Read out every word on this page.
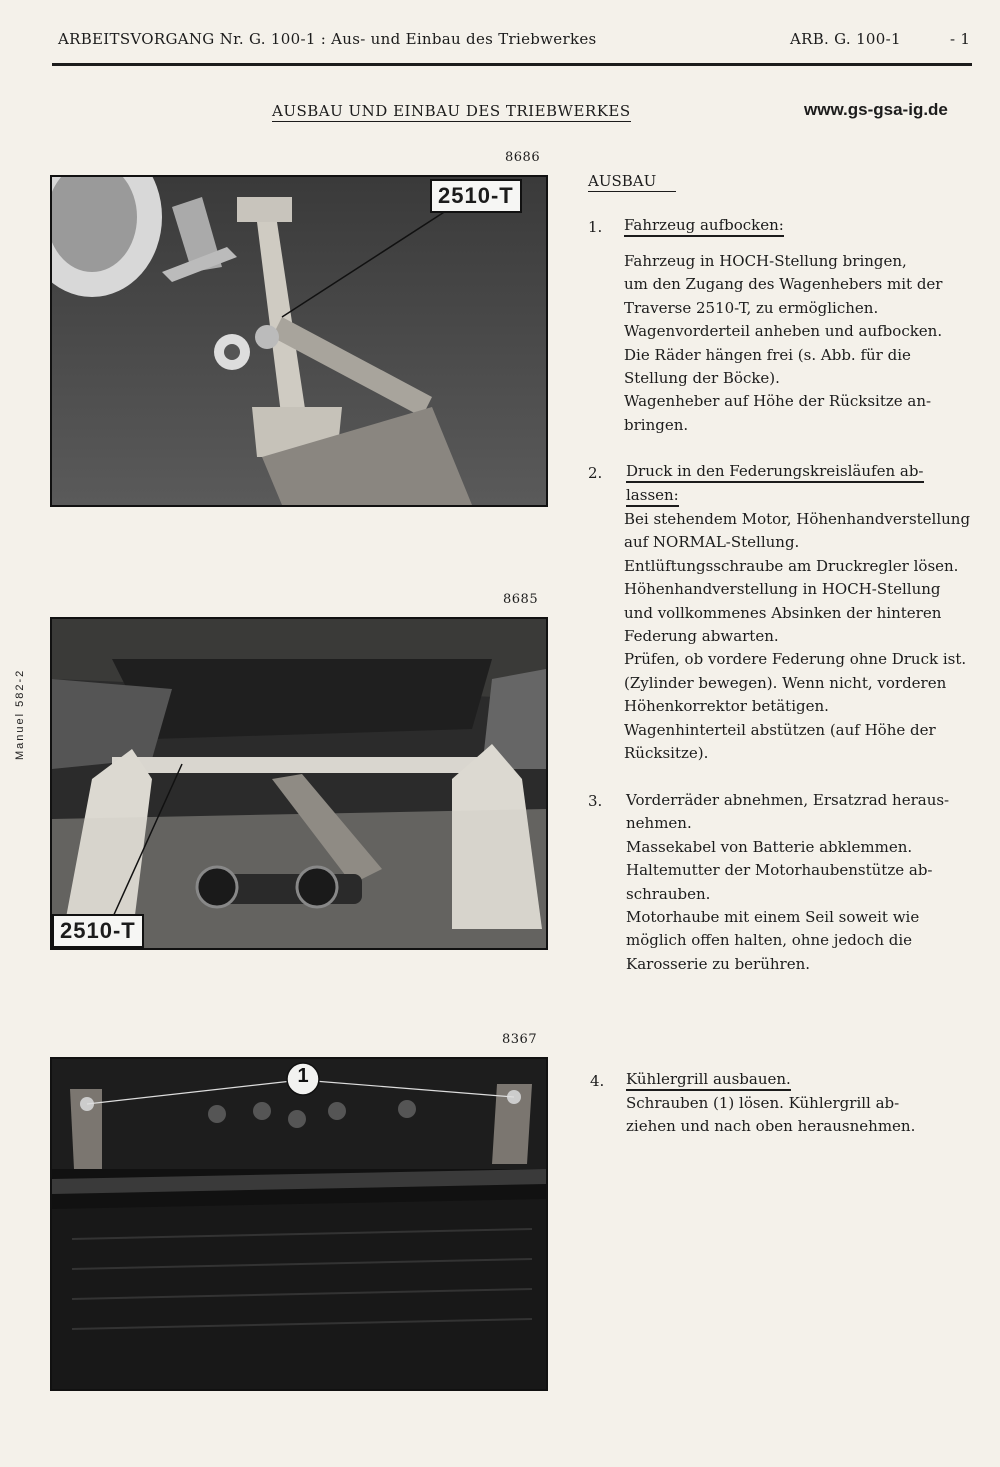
ARBEITSVORGANG Nr. G. 100-1 : Aus- und Einbau des Triebwerkes	ARB. G. 100-1	- 1
AUSBAU UND EINBAU DES TRIEBWERKES	www.gs-gsa-ig.de
Manuel 582-2
8686
2510-T
8685
2510-T
8367
1
AUSBAU
1. Fahrzeug aufbocken:
Fahrzeug in HOCH-Stellung bringen,
um den Zugang des Wagenhebers mit der
Traverse 2510-T, zu ermöglichen.
Wagenvorderteil anheben und aufbocken.
Die Räder hängen frei (s. Abb. für die
Stellung der Böcke).
Wagenheber auf Höhe der Rücksitze an-
bringen.
2. Druck in den Federungskreisläufen ab-
lassen:
Bei stehendem Motor, Höhenhandverstellung
auf NORMAL-Stellung.
Entlüftungsschraube am Druckregler lösen.
Höhenhandverstellung in HOCH-Stellung
und vollkommenes Absinken der hinteren
Federung abwarten.
Prüfen, ob vordere Federung ohne Druck ist.
(Zylinder bewegen). Wenn nicht, vorderen
Höhenkorrektor betätigen.
Wagenhinterteil abstützen (auf Höhe der
Rücksitze).
3. Vorderräder abnehmen, Ersatzrad heraus-
nehmen.
Massekabel von Batterie abklemmen.
Haltemutter der Motorhaubenstütze ab-
schrauben.
Motorhaube mit einem Seil soweit wie
möglich offen halten, ohne jedoch die
Karosserie zu berühren.
4. Kühlergrill ausbauen.
Schrauben (1) lösen. Kühlergrill ab-
ziehen und nach oben herausnehmen.
